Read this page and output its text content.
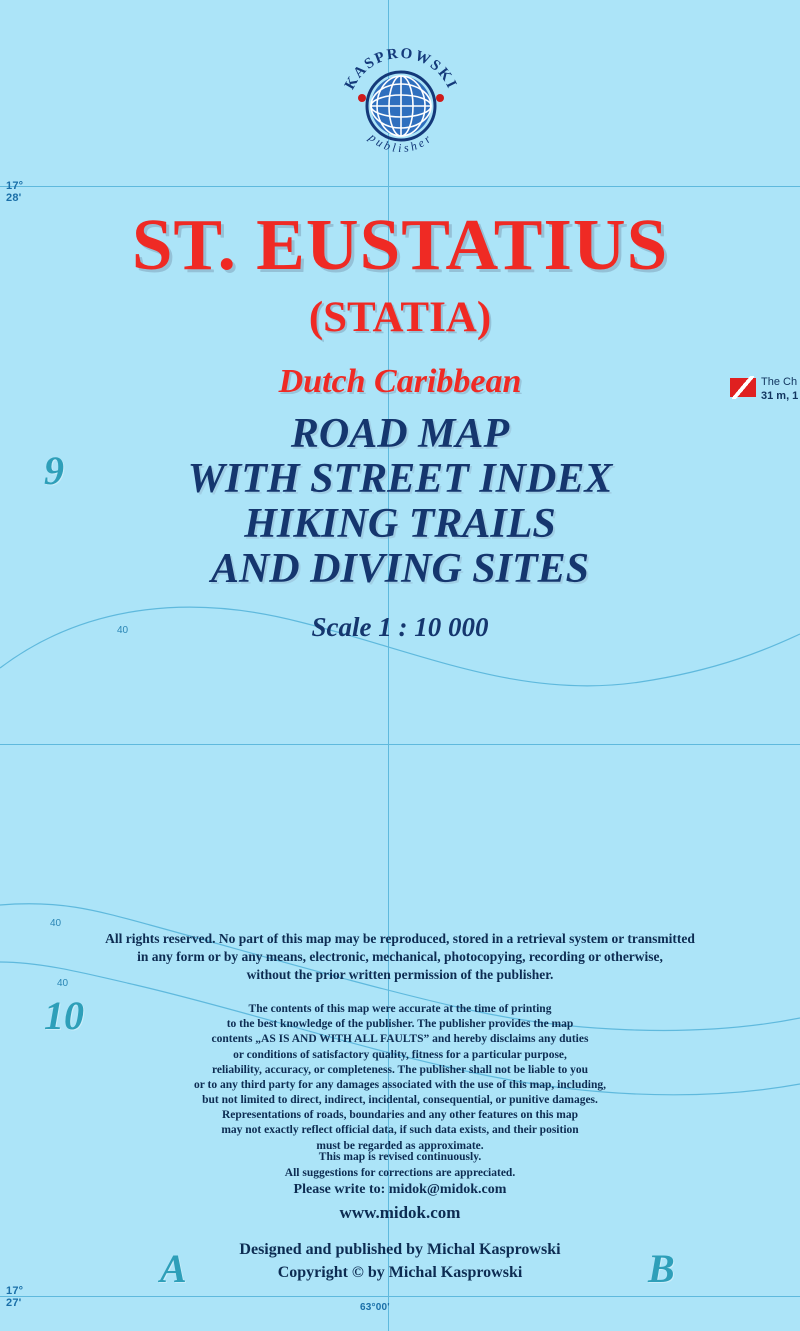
17°
28'
17°
27'	63°00'
9
10
A	B
40
40
40
KASPROWSKI
publisher
ST. EUSTATIUS
(STATIA)
Dutch Caribbean
ROAD MAP
WITH STREET INDEX
HIKING TRAILS
AND DIVING SITES
Scale 1 : 10 000
The Ch
31 m, 1
All rights reserved. No part of this map may be reproduced, stored in a retrieval system or transmitted
in any form or by any means, electronic, mechanical, photocopying, recording or otherwise,
without the prior written permission of the publisher.
The contents of this map were accurate at the time of printing
to the best knowledge of the publisher. The publisher provides the map
contents „AS IS AND WITH ALL FAULTS” and hereby disclaims any duties
or conditions of satisfactory quality, fitness for a particular purpose,
reliability, accuracy, or completeness. The publisher shall not be liable to you
or to any third party for any damages associated with the use of this map, including,
but not limited to direct, indirect, incidental, consequential, or punitive damages.
Representations of roads, boundaries and any other features on this map
may not exactly reflect official data, if such data exists, and their position
must be regarded as approximate.
This map is revised continuously.
All suggestions for corrections are appreciated.
Please write to: midok@midok.com
www.midok.com
Designed and published by Michal Kasprowski
Copyright © by Michal Kasprowski
